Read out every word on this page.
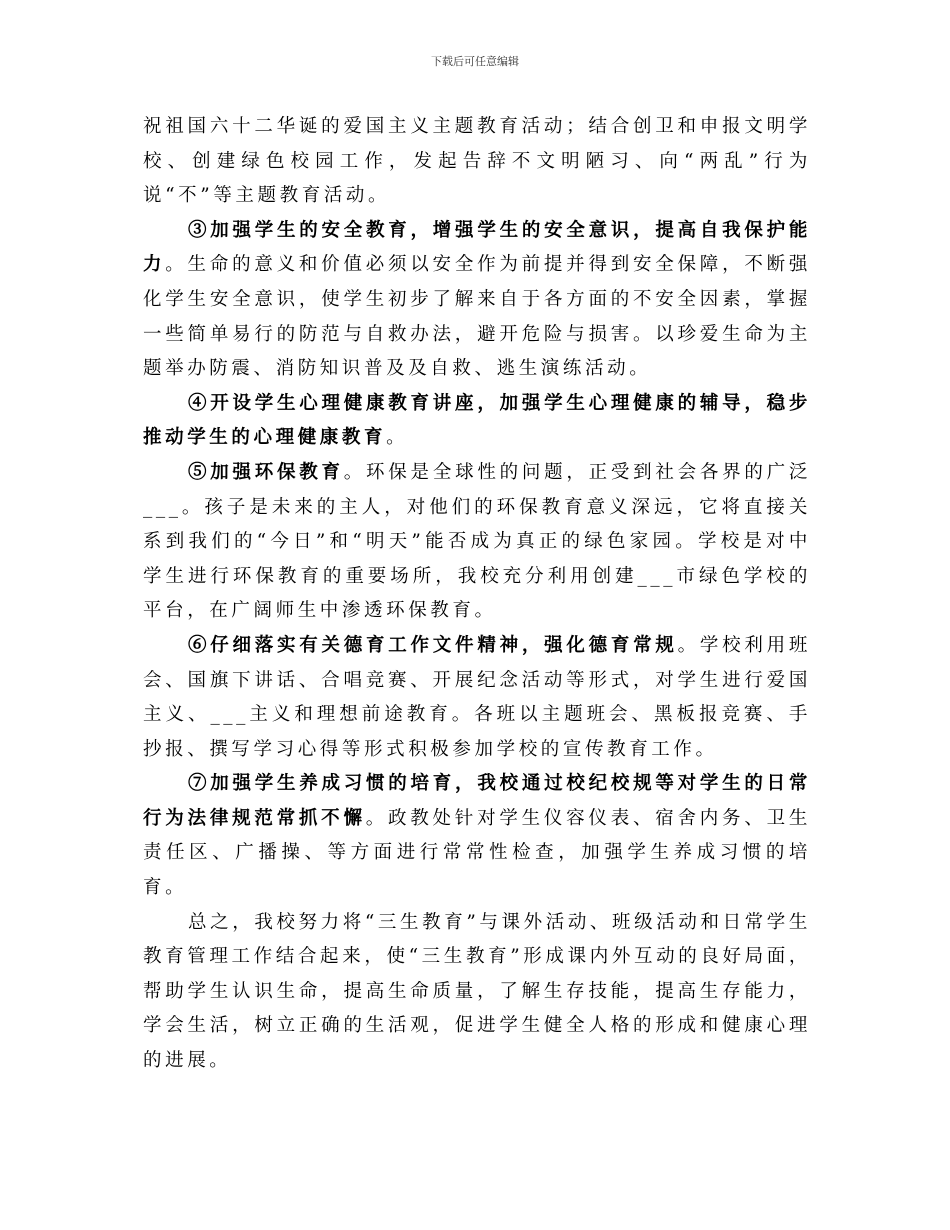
下载后可任意编辑

祝祖国六十二华诞的爱国主义主题教育活动；结合创卫和申报文明学校、创建绿色校园工作，发起告辞不文明陋习、向“两乱”行为说“不”等主题教育活动。

③加强学生的安全教育，增强学生的安全意识，提高自我保护能力。生命的意义和价值必须以安全作为前提并得到安全保障，不断强化学生安全意识，使学生初步了解来自于各方面的不安全因素，掌握一些简单易行的防范与自救办法，避开危险与损害。以珍爱生命为主题举办防震、消防知识普及及自救、逃生演练活动。

④开设学生心理健康教育讲座，加强学生心理健康的辅导，稳步推动学生的心理健康教育。

⑤加强环保教育。环保是全球性的问题，正受到社会各界的广泛___。孩子是未来的主人，对他们的环保教育意义深远，它将直接关系到我们的“今日”和“明天”能否成为真正的绿色家园。学校是对中学生进行环保教育的重要场所，我校充分利用创建___市绿色学校的平台，在广阔师生中渗透环保教育。

⑥仔细落实有关德育工作文件精神，强化德育常规。学校利用班会、国旗下讲话、合唱竞赛、开展纪念活动等形式，对学生进行爱国主义、___主义和理想前途教育。各班以主题班会、黑板报竞赛、手抄报、撰写学习心得等形式积极参加学校的宣传教育工作。

⑦加强学生养成习惯的培育，我校通过校纪校规等对学生的日常行为法律规范常抓不懈。政教处针对学生仪容仪表、宿舍内务、卫生责任区、广播操、等方面进行常常性检查，加强学生养成习惯的培育。

总之，我校努力将“三生教育”与课外活动、班级活动和日常学生教育管理工作结合起来，使“三生教育”形成课内外互动的良好局面，帮助学生认识生命，提高生命质量，了解生存技能，提高生存能力，学会生活，树立正确的生活观，促进学生健全人格的形成和健康心理的进展。
